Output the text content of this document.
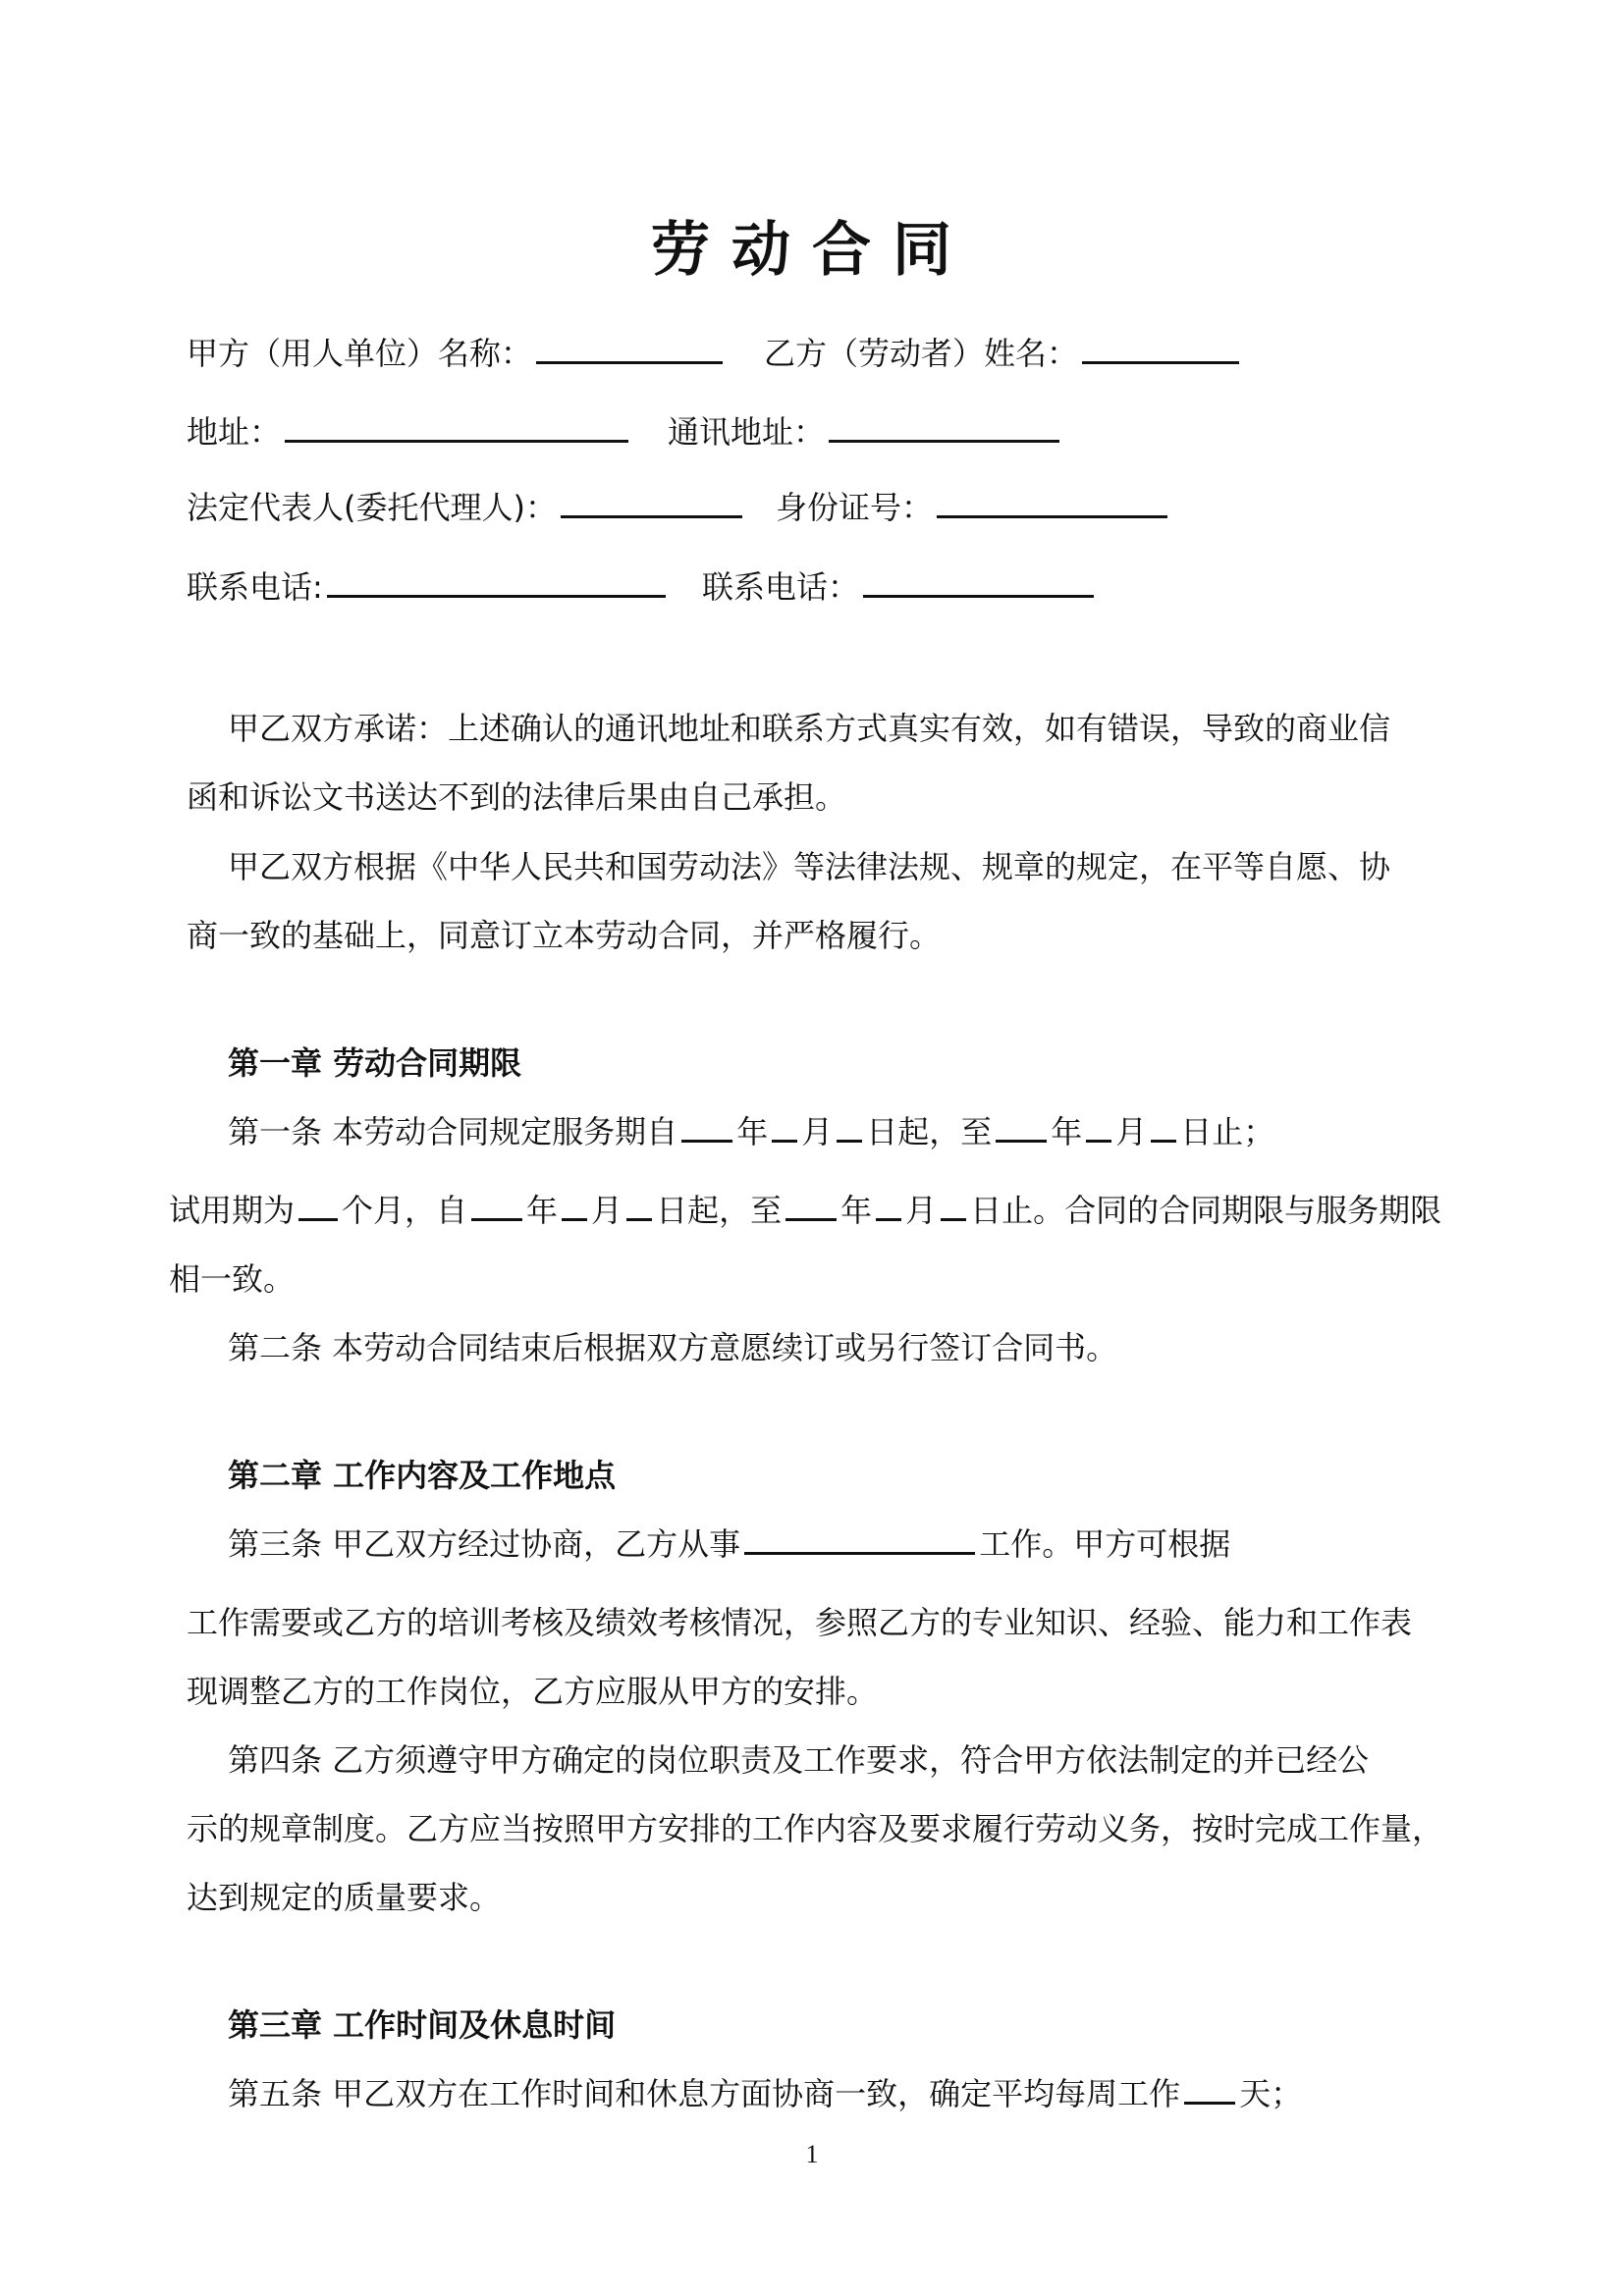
劳动合同
甲方（用人单位）名称：	乙方（劳动者）姓名：
地址：	通讯地址：
法定代表人(委托代理人)：	身份证号：
联系电话:	联系电话：
甲乙双方承诺：上述确认的通讯地址和联系方式真实有效，如有错误，导致的商业信
函和诉讼文书送达不到的法律后果由自己承担。
甲乙双方根据《中华人民共和国劳动法》等法律法规、规章的规定，在平等自愿、协
商一致的基础上，同意订立本劳动合同，并严格履行。
第一章 劳动合同期限
第一条 本劳动合同规定服务期自 年 月 日起，至 年 月 日止；
试用期为 个月，自 年 月 日起，至 年 月 日止。合同的合同期限与服务期限
相一致。
第二条 本劳动合同结束后根据双方意愿续订或另行签订合同书。
第二章 工作内容及工作地点
第三条 甲乙双方经过协商，乙方从事	工作。甲方可根据
工作需要或乙方的培训考核及绩效考核情况，参照乙方的专业知识、经验、能力和工作表
现调整乙方的工作岗位，乙方应服从甲方的安排。
第四条 乙方须遵守甲方确定的岗位职责及工作要求，符合甲方依法制定的并已经公
示的规章制度。乙方应当按照甲方安排的工作内容及要求履行劳动义务，按时完成工作量，
达到规定的质量要求。
第三章 工作时间及休息时间
第五条 甲乙双方在工作时间和休息方面协商一致，确定平均每周工作 天；
1
